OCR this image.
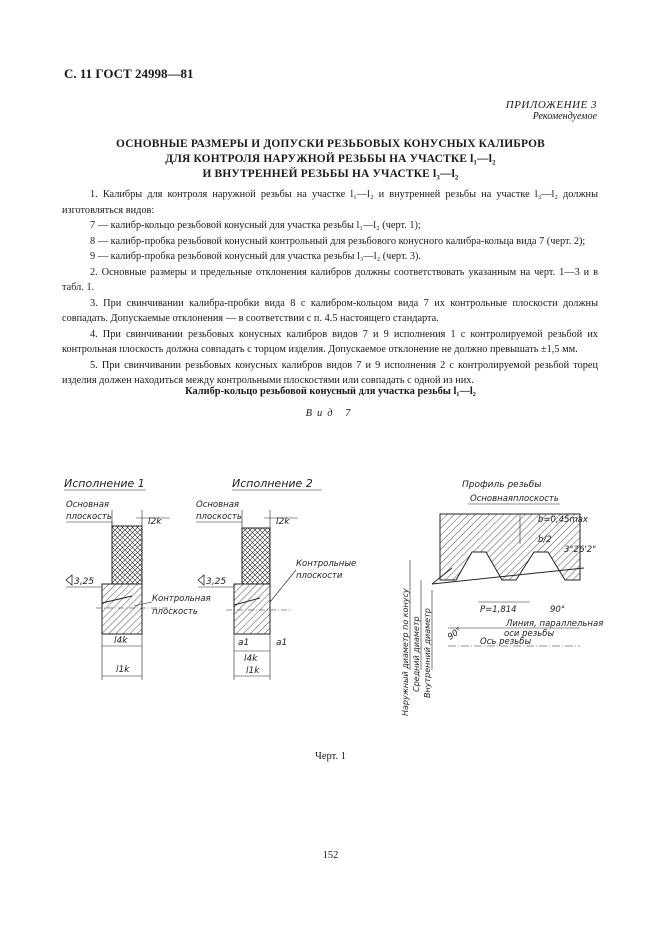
С. 11 ГОСТ 24998—81
ПРИЛОЖЕНИЕ 3
Рекомендуемое
ОСНОВНЫЕ РАЗМЕРЫ И ДОПУСКИ РЕЗЬБОВЫХ КОНУСНЫХ КАЛИБРОВ
ДЛЯ КОНТРОЛЯ НАРУЖНОЙ РЕЗЬБЫ НА УЧАСТКЕ l₁—l₂
И ВНУТРЕННЕЙ РЕЗЬБЫ НА УЧАСТКЕ l₃—l₂

1. Калибры для контроля наружной резьбы на участке l₁—l₂ и внутренней резьбы на участке l₃—l₂ должны изготовляться видов:

7 — калибр-кольцо резьбовой конусный для участка резьбы l₁—l₂ (черт. 1);

8 — калибр-пробка резьбовой конусный контрольный для резьбового конусного калибра-кольца вида 7 (черт. 2);

9 — калибр-пробка резьбовой конусный для участка резьбы l₃—l₂ (черт. 3).

2. Основные размеры и предельные отклонения калибров должны соответствовать указанным на черт. 1—3 и в табл. 1.

3. При свинчивании калибра-пробки вида 8 с калибром-кольцом вида 7 их контрольные плоскости должны совпадать. Допускаемые отклонения — в соответствии с п. 4.5 настоящего стандарта.

4. При свинчивании резьбовых конусных калибров видов 7 и 9 исполнения 1 с контролируемой резьбой их контрольная плоскость должна совпадать с торцом изделия. Допускаемое отклонение не должно превышать ±1,5 мм.

5. При свинчивании резьбовых конусных калибров видов 7 и 9 исполнения 2 с контролируемой резьбой торец изделия должен находиться между контрольными плоскостями или совпадать с одной из них.

Калибр-кольцо резьбовой конусный для участка резьбы l₁—l₂
Вид 7
Исполнение 1
Основная
плоскость	l2k
3,25
Контрольная
плоскость
l4k
l1k
Исполнение 2
Основная
плоскость	l2k
3,25
Контрольные
плоскости
a1	a1
l4k
l1k
Профиль резьбы
Основная плоскость
b=0,45max
b/2
3°26'2"
P=1,814	90°
90°
Линия, параллельная
оси резьбы
Ось резьбы
Наружный диаметр по конусу Средний диаметр Внутренний диаметр
Черт. 1
152
